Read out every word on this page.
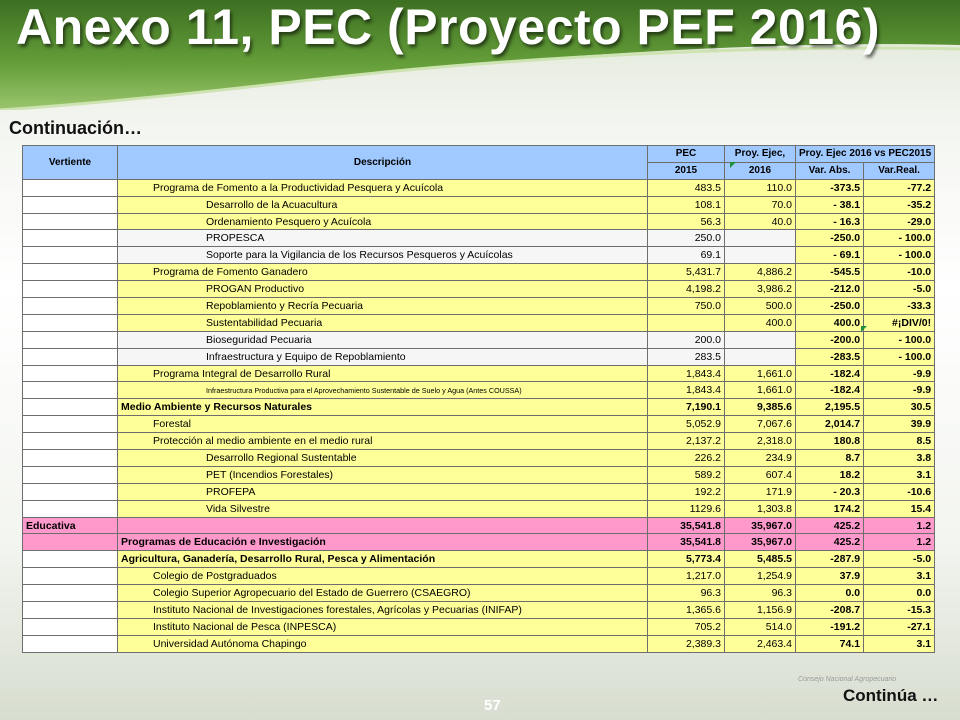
Anexo 11, PEC (Proyecto PEF 2016)
Continuación…
Vertiente	Descripción	PEC	Proy. Ejec,	Proy. Ejec 2016 vs PEC2015	
		2015	2016	Var. Abs.	Var.Real.
	Programa de Fomento a la Productividad Pesquera y Acuícola	483.5	110.0	-373.5	-77.2
	Desarrollo de la Acuacultura	108.1	70.0	- 38.1	-35.2
	Ordenamiento Pesquero y Acuícola	56.3	40.0	- 16.3	-29.0
	PROPESCA	250.0		-250.0	- 100.0
	Soporte para la Vigilancia de los Recursos Pesqueros y Acuícolas	69.1		- 69.1	- 100.0
	Programa de Fomento Ganadero	5,431.7	4,886.2	-545.5	-10.0
	PROGAN Productivo	4,198.2	3,986.2	-212.0	-5.0
	Repoblamiento y Recría Pecuaria	750.0	500.0	-250.0	-33.3
	Sustentabilidad Pecuaria		400.0	400.0	#¡DIV/0!
	Bioseguridad Pecuaria	200.0		-200.0	- 100.0
	Infraestructura y Equipo de Repoblamiento	283.5		-283.5	- 100.0
	Programa Integral de Desarrollo Rural	1,843.4	1,661.0	-182.4	-9.9
	Infraestructura Productiva para el Aprovechamiento Sustentable de Suelo y Agua (Antes COUSSA)	1,843.4	1,661.0	-182.4	-9.9
	Medio Ambiente y Recursos Naturales	7,190.1	9,385.6	2,195.5	30.5
	Forestal	5,052.9	7,067.6	2,014.7	39.9
	Protección al medio ambiente en el medio rural	2,137.2	2,318.0	180.8	8.5
	Desarrollo Regional Sustentable	226.2	234.9	8.7	3.8
	PET (Incendios Forestales)	589.2	607.4	18.2	3.1
	PROFEPA	192.2	171.9	- 20.3	-10.6
	Vida Silvestre	1129.6	1,303.8	174.2	15.4
Educativa		35,541.8	35,967.0	425.2	1.2
	Programas de Educación e Investigación	35,541.8	35,967.0	425.2	1.2
	Agricultura, Ganadería, Desarrollo Rural, Pesca y Alimentación	5,773.4	5,485.5	-287.9	-5.0
	Colegio de Postgraduados	1,217.0	1,254.9	37.9	3.1
	Colegio Superior Agropecuario del Estado de Guerrero (CSAEGRO)	96.3	96.3	0.0	0.0
	Instituto Nacional de Investigaciones forestales, Agrícolas y Pecuarias (INIFAP)	1,365.6	1,156.9	-208.7	-15.3
	Instituto Nacional de Pesca (INPESCA)	705.2	514.0	-191.2	-27.1
	Universidad Autónoma Chapingo	2,389.3	2,463.4	74.1	3.1
Consejo Nacional Agropecuario
57
Continúa …
